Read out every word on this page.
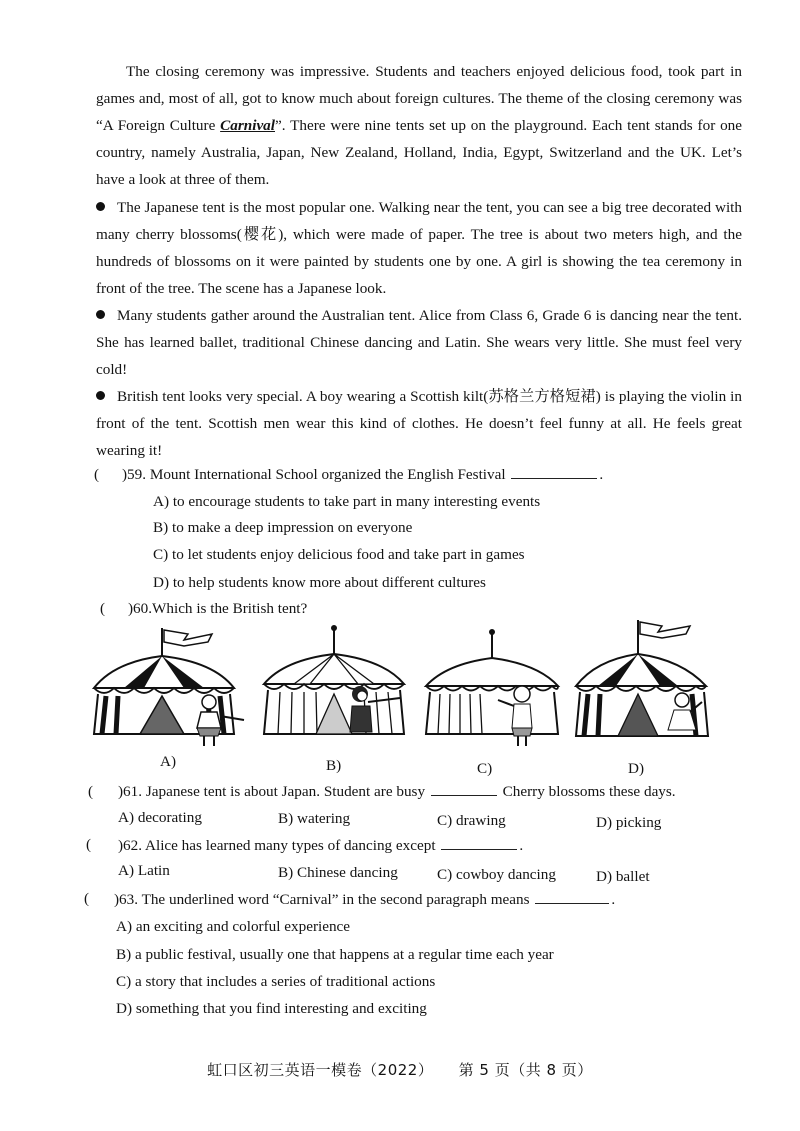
The closing ceremony was impressive. Students and teachers enjoyed delicious food, took part in games and, most of all, got to know much about foreign cultures. The theme of the closing ceremony was “A Foreign Culture Carnival”. There were nine tents set up on the playground. Each tent stands for one country, namely Australia, Japan, New Zealand, Holland, India, Egypt, Switzerland and the UK. Let’s have a look at three of them.

The Japanese tent is the most popular one. Walking near the tent, you can see a big tree decorated with many cherry blossoms(樱花), which were made of paper. The tree is about two meters high, and the hundreds of blossoms on it were painted by students one by one. A girl is showing the tea ceremony in front of the tree. The scene has a Japanese look.

Many students gather around the Australian tent. Alice from Class 6, Grade 6 is dancing near the tent. She has learned ballet, traditional Chinese dancing and Latin. She wears very little. She must feel very cold!

British tent looks very special. A boy wearing a Scottish kilt(苏格兰方格短裙) is playing the violin in front of the tent. Scottish men wear this kind of clothes. He doesn’t feel funny at all. He feels great wearing it!

( )59. Mount International School organized the English Festival	.
A) to encourage students to take part in many interesting events
B) to make a deep impression on everyone
C) to let students enjoy delicious food and take part in games
D) to help students know more about different cultures
( )60.Which is the British tent?
A)	B)	C)	D)
( )61. Japanese tent is about Japan. Student are busy	Cherry blossoms these days.
A) decorating	B) watering	C) drawing	D) picking
( )62. Alice has learned many types of dancing except	.
A) Latin	B) Chinese dancing	C) cowboy dancing	D) ballet
( )63. The underlined word “Carnival” in the second paragraph means	.
A) an exciting and colorful experience
B) a public festival, usually one that happens at a regular time each year
C) a story that includes a series of traditional actions
D) something that you find interesting and exciting
虹口区初三英语一模卷（2022） 第 5 页（共 8 页）
